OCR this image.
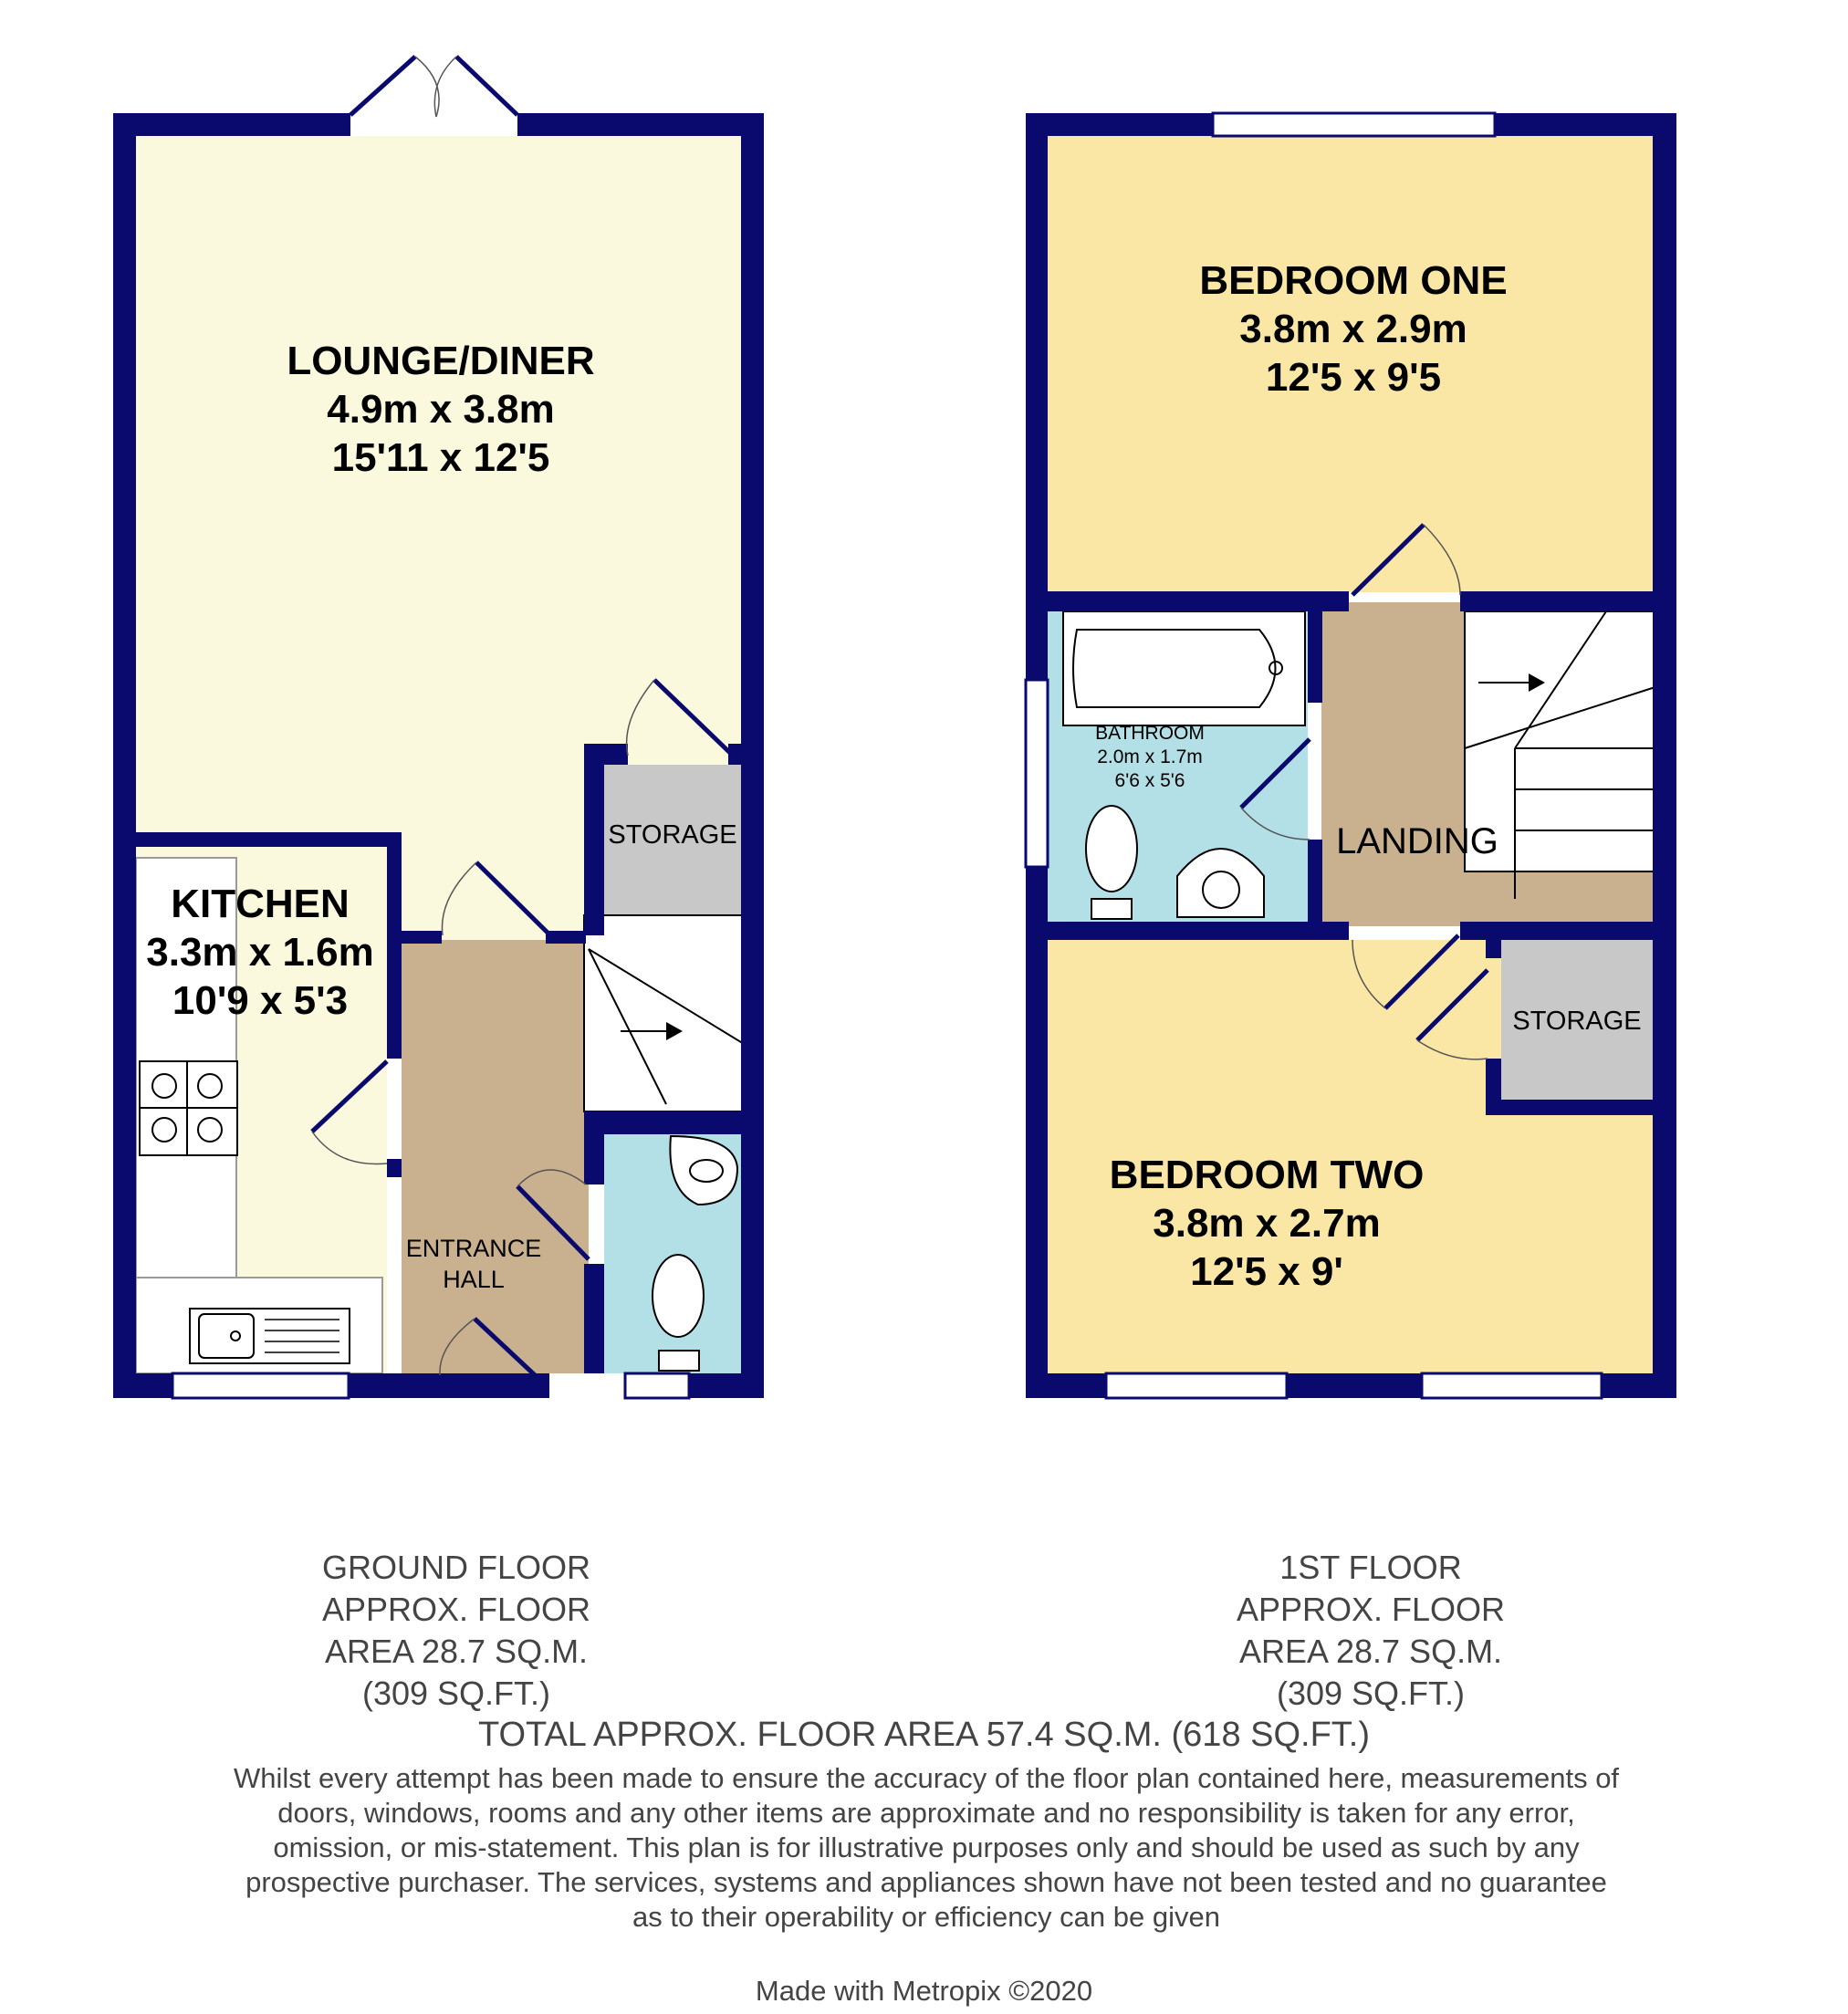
LOUNGE/DINER
4.9m x 3.8m
15'11 x 12'5
KITCHEN
3.3m x 1.6m
10'9 x 5'3
STORAGE
ENTRANCE
HALL
BEDROOM ONE
3.8m x 2.9m
12'5 x 9'5
BEDROOM TWO
3.8m x 2.7m
12'5 x 9'
BATHROOM
2.0m x 1.7m
6'6 x 5'6
LANDING
STORAGE
GROUND FLOOR
APPROX. FLOOR
AREA 28.7 SQ.M.
(309 SQ.FT.)
1ST FLOOR
APPROX. FLOOR
AREA 28.7 SQ.M.
(309 SQ.FT.)
TOTAL APPROX. FLOOR AREA 57.4 SQ.M. (618 SQ.FT.)
Whilst every attempt has been made to ensure the accuracy of the floor plan contained here, measurements of doors, windows, rooms and any other items are approximate and no responsibility is taken for any error, omission, or mis-statement. This plan is for illustrative purposes only and should be used as such by any prospective purchaser. The services, systems and appliances shown have not been tested and no guarantee as to their operability or efficiency can be given
Made with Metropix ©2020
